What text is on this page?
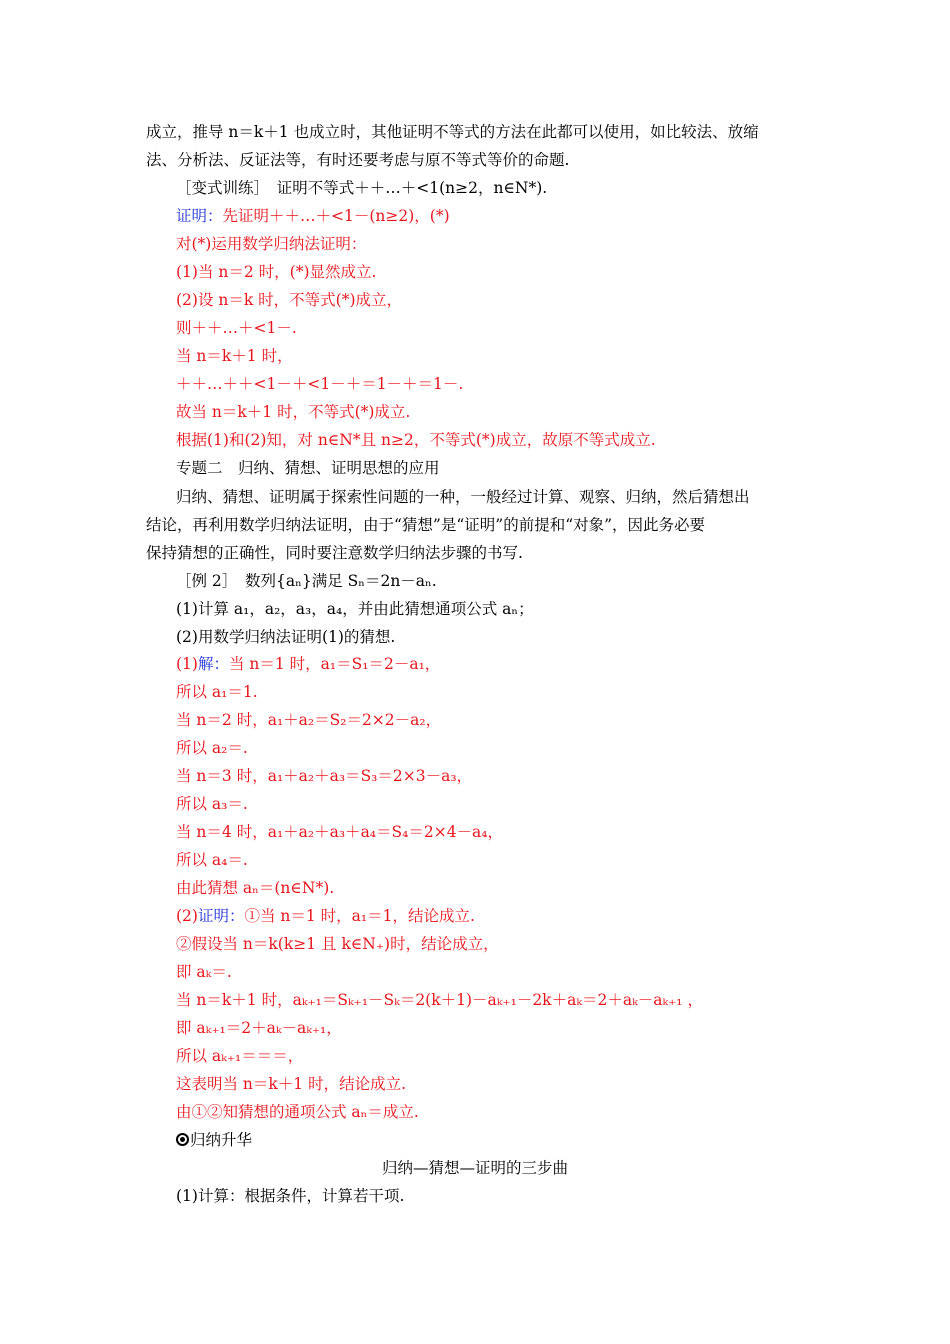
成立，推导 n＝k＋1 也成立时，其他证明不等式的方法在此都可以使用，如比较法、放缩
法、分析法、反证法等，有时还要考虑与原不等式等价的命题.
［变式训练］　证明不等式＋＋…＋<1(n≥2，n∈N*).
证明：先证明＋＋…＋<1－(n≥2)，(*)
对(*)运用数学归纳法证明：
(1)当 n＝2 时，(*)显然成立.
(2)设 n＝k 时，不等式(*)成立，
则＋＋…＋<1－.
当 n＝k＋1 时，
＋＋…＋＋<1－＋<1－＋＝1－＋＝1－.
故当 n＝k＋1 时，不等式(*)成立.
根据(1)和(2)知，对 n∈N*且 n≥2，不等式(*)成立，故原不等式成立.
专题二　归纳、猜想、证明思想的应用
归纳、猜想、证明属于探索性问题的一种，一般经过计算、观察、归纳，然后猜想出
结论，再利用数学归纳法证明，由于“猜想”是“证明”的前提和“对象”，因此务必要
保持猜想的正确性，同时要注意数学归纳法步骤的书写.
［例 2］　数列{aₙ}满足 Sₙ＝2n－aₙ.
(1)计算 a₁，a₂，a₃，a₄，并由此猜想通项公式 aₙ；
(2)用数学归纳法证明(1)的猜想.
(1)解：当 n＝1 时，a₁＝S₁＝2－a₁，
所以 a₁＝1.
当 n＝2 时，a₁＋a₂＝S₂＝2×2－a₂，
所以 a₂＝.
当 n＝3 时，a₁＋a₂＋a₃＝S₃＝2×3－a₃，
所以 a₃＝.
当 n＝4 时，a₁＋a₂＋a₃＋a₄＝S₄＝2×4－a₄，
所以 a₄＝.
由此猜想 aₙ＝(n∈N*).
(2)证明：①当 n＝1 时，a₁＝1，结论成立.
②假设当 n＝k(k≥1 且 k∈N₊)时，结论成立，
即 aₖ＝.
当 n＝k＋1 时，aₖ₊₁＝Sₖ₊₁－Sₖ＝2(k＋1)－aₖ₊₁－2k＋aₖ＝2＋aₖ－aₖ₊₁ ，
即 aₖ₊₁＝2＋aₖ－aₖ₊₁，
所以 aₖ₊₁＝＝＝，
这表明当 n＝k＋1 时，结论成立.
由①②知猜想的通项公式 aₙ＝成立.
归纳升华
归纳—猜想—证明的三步曲
(1)计算：根据条件，计算若干项.
